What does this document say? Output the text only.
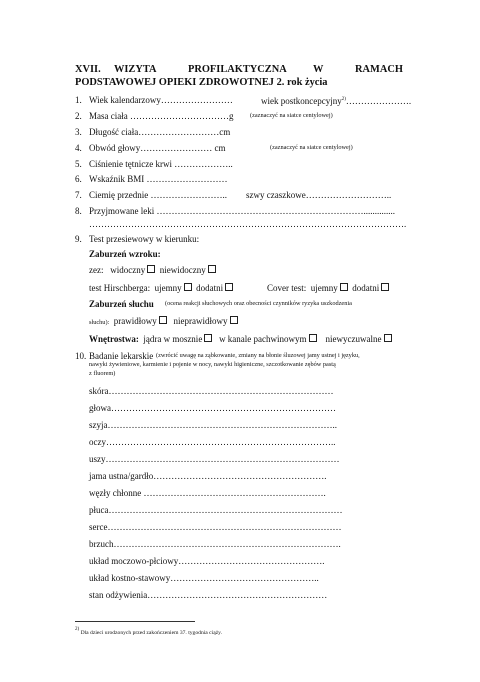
XVII. WIZYTA	PROFILAKTYCZNA	W	RAMACH
PODSTAWOWEJ OPIEKI ZDROWOTNEJ 2. rok życia
1. Wiek kalendarzowy……………………	wiek postkoncepcyjny$^{2)}$………………….
2. Masa ciała ……………………………g	(zaznaczyć na siatce centylowej)
3. Długość ciała………………………cm
4. Obwód głowy…………………… cm	(zaznaczyć na siatce centylowej)
5. Ciśnienie tętnicze krwi ………………..
6. Wskaźnik BMI ………………………
7. Ciemię przednie …………………….. szwy czaszkowe………………………..
8. Przyjmowane leki ……………………………………………………………..............
…………………………………………………………………………………………….
9. Test przesiewowy w kierunku:
Zaburzeń wzroku:
zez: widoczny niewidoczny
test Hirschberga: ujemny dodatni	Cover test: ujemny dodatni
Zaburzeń słuchu (ocena reakcji słuchowych oraz obecności czynników ryzyka uszkodzenia
słuchu): prawidłowy nieprawidłowy
Wnętrostwa: jądra w mosznie w kanale pachwinowym niewyczuwalne
10. Badanie lekarskie (zwrócić uwagę na ząbkowanie, zmiany na błonie śluzowej jamy ustnej i języku,
nawyki żywieniowe, karmienie i pojenie w nocy, nawyki higieniczne, szczotkowanie zębów pastą
z fluorem)
skóra…………………………………………………………………
głowa…………………………………………………………………
szyja…………………………………………………………………..
oczy…………………………………………………………………..
uszy……………………………………………………………………
jama ustna/gardło………………………………………………….
węzły chłonne …………………………………………………….
płuca……………………………………………………………………
serce……………………………………………………………………
brzuch………………………………………………………………….
układ moczowo-płciowy………………………………………….
układ kostno-stawowy…………………………………………..
stan odżywienia……………………………………………………
2) Dla dzieci urodzonych przed zakończeniem 37. tygodnia ciąży.
